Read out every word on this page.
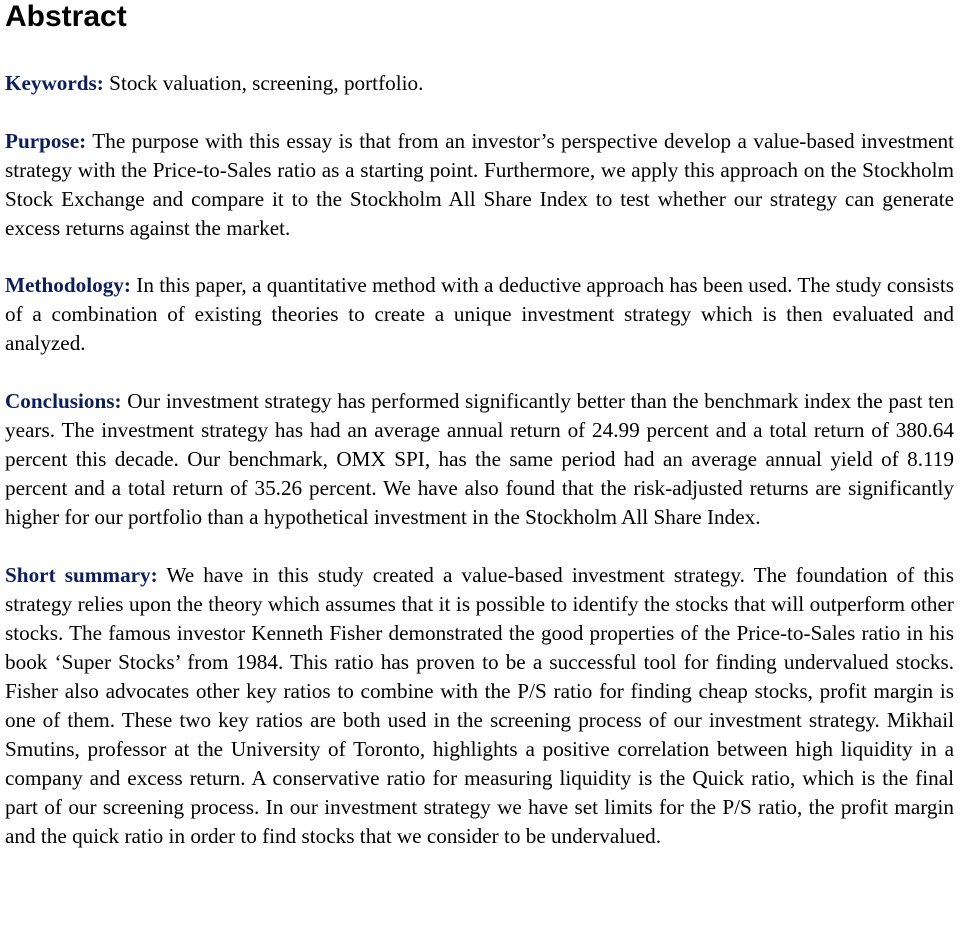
Abstract

Keywords: Stock valuation, screening, portfolio.

Purpose: The purpose with this essay is that from an investor’s perspective develop a value-based investment strategy with the Price-to-Sales ratio as a starting point. Furthermore, we apply this approach on the Stockholm Stock Exchange and compare it to the Stockholm All Share Index to test whether our strategy can generate excess returns against the market.

Methodology: In this paper, a quantitative method with a deductive approach has been used. The study consists of a combination of existing theories to create a unique investment strategy which is then evaluated and analyzed.

Conclusions: Our investment strategy has performed significantly better than the benchmark index the past ten years. The investment strategy has had an average annual return of 24.99 percent and a total return of 380.64 percent this decade. Our benchmark, OMX SPI, has the same period had an average annual yield of 8.119 percent and a total return of 35.26 percent. We have also found that the risk-adjusted returns are significantly higher for our portfolio than a hypothetical investment in the Stockholm All Share Index.

Short summary: We have in this study created a value-based investment strategy. The foundation of this strategy relies upon the theory which assumes that it is possible to identify the stocks that will outperform other stocks. The famous investor Kenneth Fisher demonstrated the good properties of the Price-to-Sales ratio in his book ‘Super Stocks’ from 1984. This ratio has proven to be a successful tool for finding undervalued stocks. Fisher also advocates other key ratios to combine with the P/S ratio for finding cheap stocks, profit margin is one of them. These two key ratios are both used in the screening process of our investment strategy. Mikhail Smutins, professor at the University of Toronto, highlights a positive correlation between high liquidity in a company and excess return. A conservative ratio for measuring liquidity is the Quick ratio, which is the final part of our screening process. In our investment strategy we have set limits for the P/S ratio, the profit margin and the quick ratio in order to find stocks that we consider to be undervalued.
